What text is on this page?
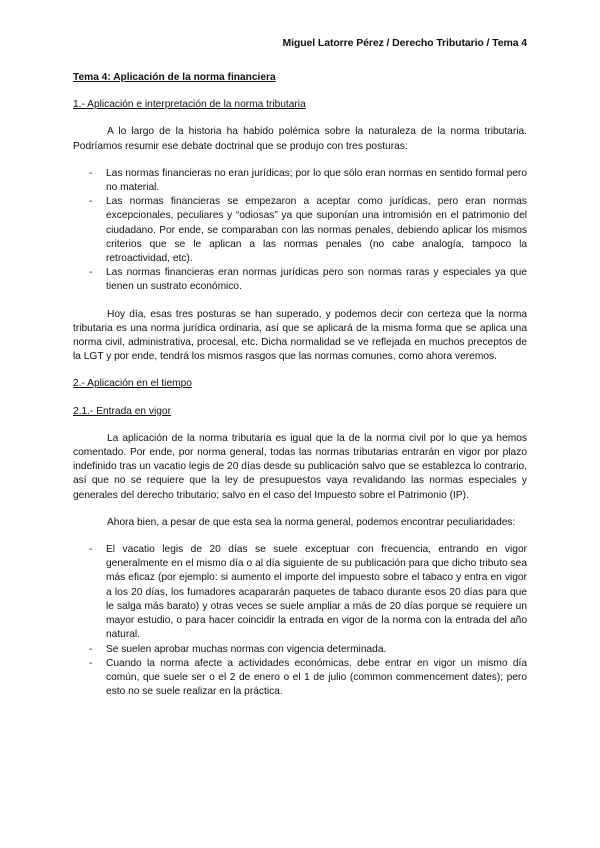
Miguel Latorre Pérez / Derecho Tributario / Tema 4
Tema 4: Aplicación de la norma financiera
1.- Aplicación e interpretación de la norma tributaria

A lo largo de la historia ha habido polémica sobre la naturaleza de la norma tributaria. Podríamos resumir ese debate doctrinal que se produjo con tres posturas:

- Las normas financieras no eran jurídicas; por lo que sólo eran normas en sentido formal pero no material.
- Las normas financieras se empezaron a aceptar como jurídicas, pero eran normas excepcionales, peculiares y “odiosas” ya que suponían una intromisión en el patrimonio del ciudadano. Por ende, se comparaban con las normas penales, debiendo aplicar los mismos criterios que se le aplican a las normas penales (no cabe analogía, tampoco la retroactividad, etc).
- Las normas financieras eran normas jurídicas pero son normas raras y especiales ya que tienen un sustrato económico.

Hoy día, esas tres posturas se han superado, y podemos decir con certeza que la norma tributaria es una norma jurídica ordinaria, así que se aplicará de la misma forma que se aplica una norma civil, administrativa, procesal, etc. Dicha normalidad se ve reflejada en muchos preceptos de la LGT y por ende, tendrá los mismos rasgos que las normas comunes, como ahora veremos.

2.- Aplicación en el tiempo
2.1.- Entrada en vigor

La aplicación de la norma tributaria es igual que la de la norma civil por lo que ya hemos comentado. Por ende, por norma general, todas las normas tributarias entrarán en vigor por plazo indefinido tras un vacatio legis de 20 días desde su publicación salvo que se establezca lo contrario, así que no se requiere que la ley de presupuestos vaya revalidando las normas especiales y generales del derecho tributario; salvo en el caso del Impuesto sobre el Patrimonio (IP).

Ahora bien, a pesar de que esta sea la norma general, podemos encontrar peculiaridades:

- El vacatio legis de 20 días se suele exceptuar con frecuencia, entrando en vigor generalmente en el mismo día o al día siguiente de su publicación para que dicho tributo sea más eficaz (por ejemplo: si aumento el importe del impuesto sobre el tabaco y entra en vigor a los 20 días, los fumadores acapararán paquetes de tabaco durante esos 20 días para que le salga más barato) y otras veces se suele ampliar a más de 20 días porque se requiere un mayor estudio, o para hacer coincidir la entrada en vigor de la norma con la entrada del año natural.
- Se suelen aprobar muchas normas con vigencia determinada.
- Cuando la norma afecte a actividades económicas, debe entrar en vigor un mismo día común, que suele ser o el 2 de enero o el 1 de julio (common commencement dates); pero esto no se suele realizar en la práctica.
